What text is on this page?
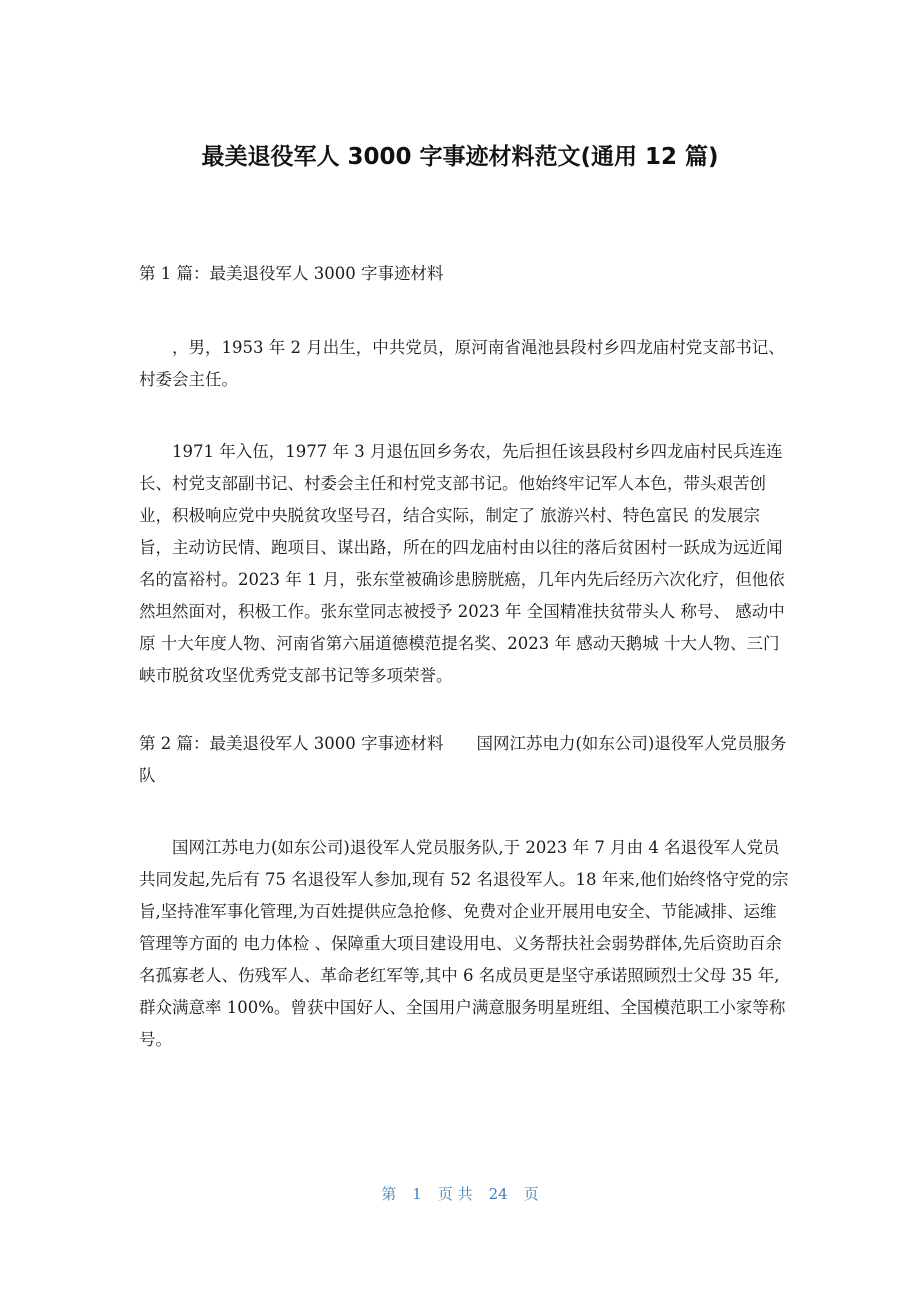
最美退役军人 3000 字事迹材料范文(通用 12 篇)

第 1 篇：最美退役军人 3000 字事迹材料

，男，1953 年 2 月出生，中共党员，原河南省渑池县段村乡四龙庙村党支部书记、村委会主任。

1971 年入伍，1977 年 3 月退伍回乡务农，先后担任该县段村乡四龙庙村民兵连连长、村党支部副书记、村委会主任和村党支部书记。他始终牢记军人本色，带头艰苦创业，积极响应党中央脱贫攻坚号召，结合实际，制定了 旅游兴村、特色富民 的发展宗旨，主动访民情、跑项目、谋出路，所在的四龙庙村由以往的落后贫困村一跃成为远近闻名的富裕村。2023 年 1 月，张东堂被确诊患膀胱癌，几年内先后经历六次化疗，但他依然坦然面对，积极工作。张东堂同志被授予 2023 年 全国精准扶贫带头人 称号、 感动中原 十大年度人物、河南省第六届道德模范提名奖、2023 年 感动天鹅城 十大人物、三门峡市脱贫攻坚优秀党支部书记等多项荣誉。

第 2 篇：最美退役军人 3000 字事迹材料　　国网江苏电力(如东公司)退役军人党员服务队

国网江苏电力(如东公司)退役军人党员服务队,于 2023 年 7 月由 4 名退役军人党员共同发起,先后有 75 名退役军人参加,现有 52 名退役军人。18 年来,他们始终恪守党的宗旨,坚持准军事化管理,为百姓提供应急抢修、免费对企业开展用电安全、节能减排、运维管理等方面的 电力体检 、保障重大项目建设用电、义务帮扶社会弱势群体,先后资助百余名孤寡老人、伤残军人、革命老红军等,其中 6 名成员更是坚守承诺照顾烈士父母 35 年,群众满意率 100%。曾获中国好人、全国用户满意服务明星班组、全国模范职工小家等称号。

第 1 页 共 24 页
